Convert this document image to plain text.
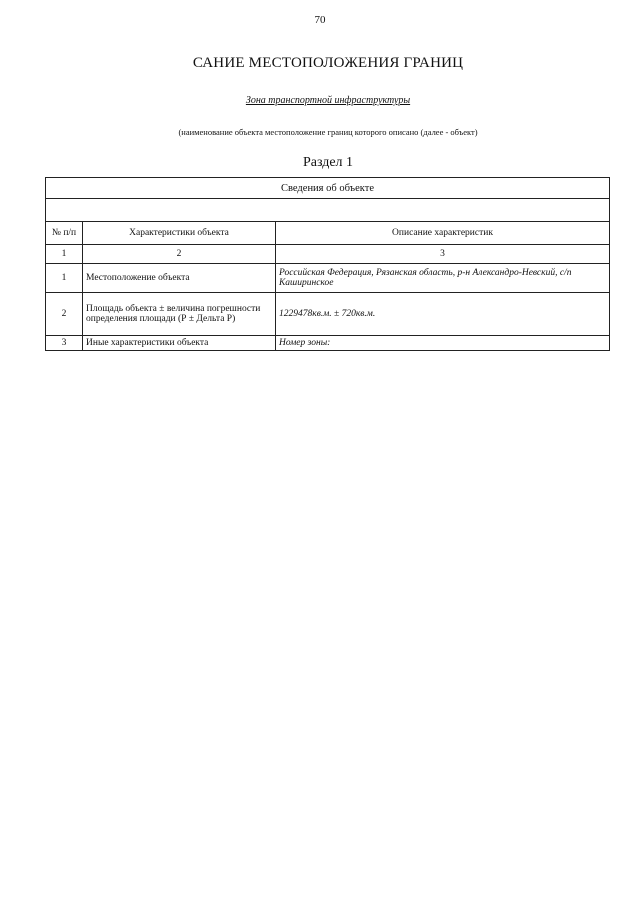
70
САНИЕ МЕСТОПОЛОЖЕНИЯ ГРАНИЦ
Зона транспортной инфраструктуры
(наименование объекта местоположение границ которого описано (далее - объект)
Раздел 1
Сведения об объекте		

№ п/п	Характеристики объекта	Описание характеристик
1	2	3
1	Местоположение объекта	Российская Федерация, Рязанская область, р-н Александро-Невский, с/п Каширинское
2	Площадь объекта ± величина погрешности определения площади (Р ± Дельта Р)	1229478кв.м. ± 720кв.м.
3	Иные характеристики объекта	Номер зоны:
